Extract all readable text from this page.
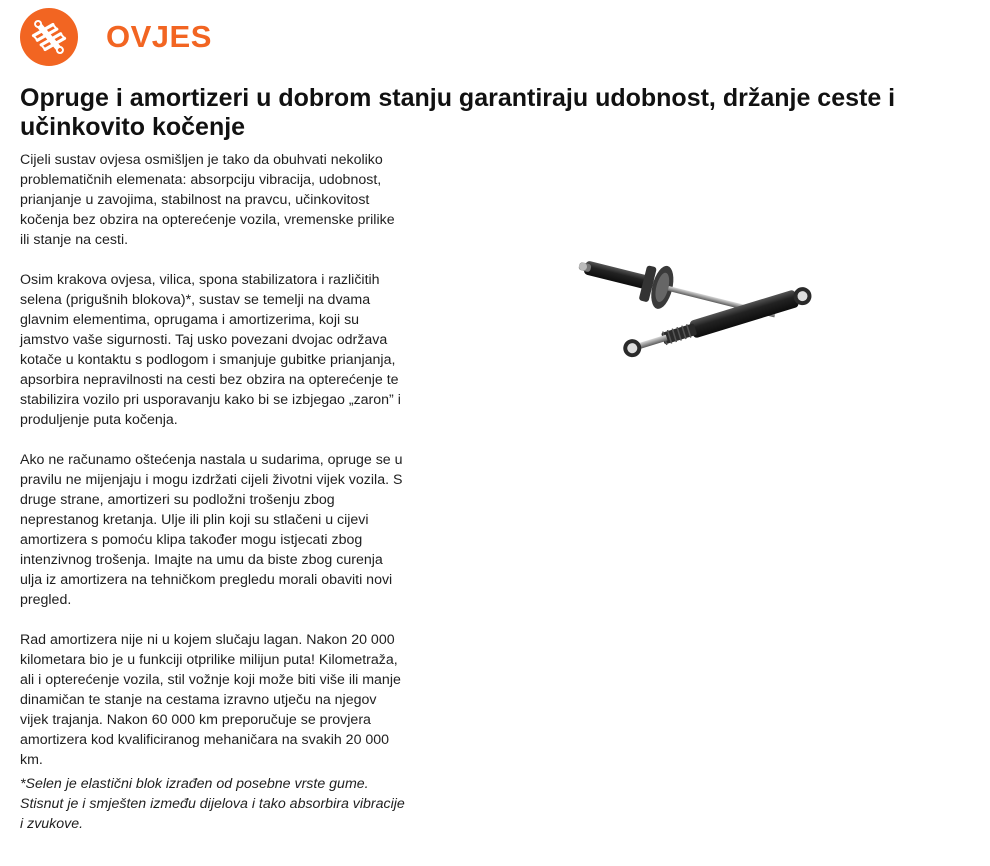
OVJES
Opruge i amortizeri u dobrom stanju garantiraju udobnost, držanje ceste i učinkovito kočenje

Cijeli sustav ovjesa osmišljen je tako da obuhvati nekoliko problematičnih elemenata: absorpciju vibracija, udobnost, prianjanje u zavojima, stabilnost na pravcu, učinkovitost kočenja bez obzira na opterećenje vozila, vremenske prilike ili stanje na cesti.

Osim krakova ovjesa, vilica, spona stabilizatora i različitih selena (prigušnih blokova)*, sustav se temelji na dvama glavnim elementima, oprugama i amortizerima, koji su jamstvo vaše sigurnosti. Taj usko povezani dvojac održava kotače u kontaktu s podlogom i smanjuje gubitke prianjanja, apsorbira nepravilnosti na cesti bez obzira na opterećenje te stabilizira vozilo pri usporavanju kako bi se izbjegao „zaron” i produljenje puta kočenja.

Ako ne računamo oštećenja nastala u sudarima, opruge se u pravilu ne mijenjaju i mogu izdržati cijeli životni vijek vozila. S druge strane, amortizeri su podložni trošenju zbog neprestanog kretanja. Ulje ili plin koji su stlačeni u cijevi amortizera s pomoću klipa također mogu istjecati zbog intenzivnog trošenja. Imajte na umu da biste zbog curenja ulja iz amortizera na tehničkom pregledu morali obaviti novi pregled.

Rad amortizera nije ni u kojem slučaju lagan. Nakon 20 000 kilometara bio je u funkciji otprilike milijun puta! Kilometraža, ali i opterećenje vozila, stil vožnje koji može biti više ili manje dinamičan te stanje na cestama izravno utječu na njegov vijek trajanja. Nakon 60 000 km preporučuje se provjera amortizera kod kvalificiranog mehaničara na svakih 20 000 km.

*Selen je elastični blok izrađen od posebne vrste gume. Stisnut je i smješten između dijelova i tako absorbira vibracije i zvukove.
